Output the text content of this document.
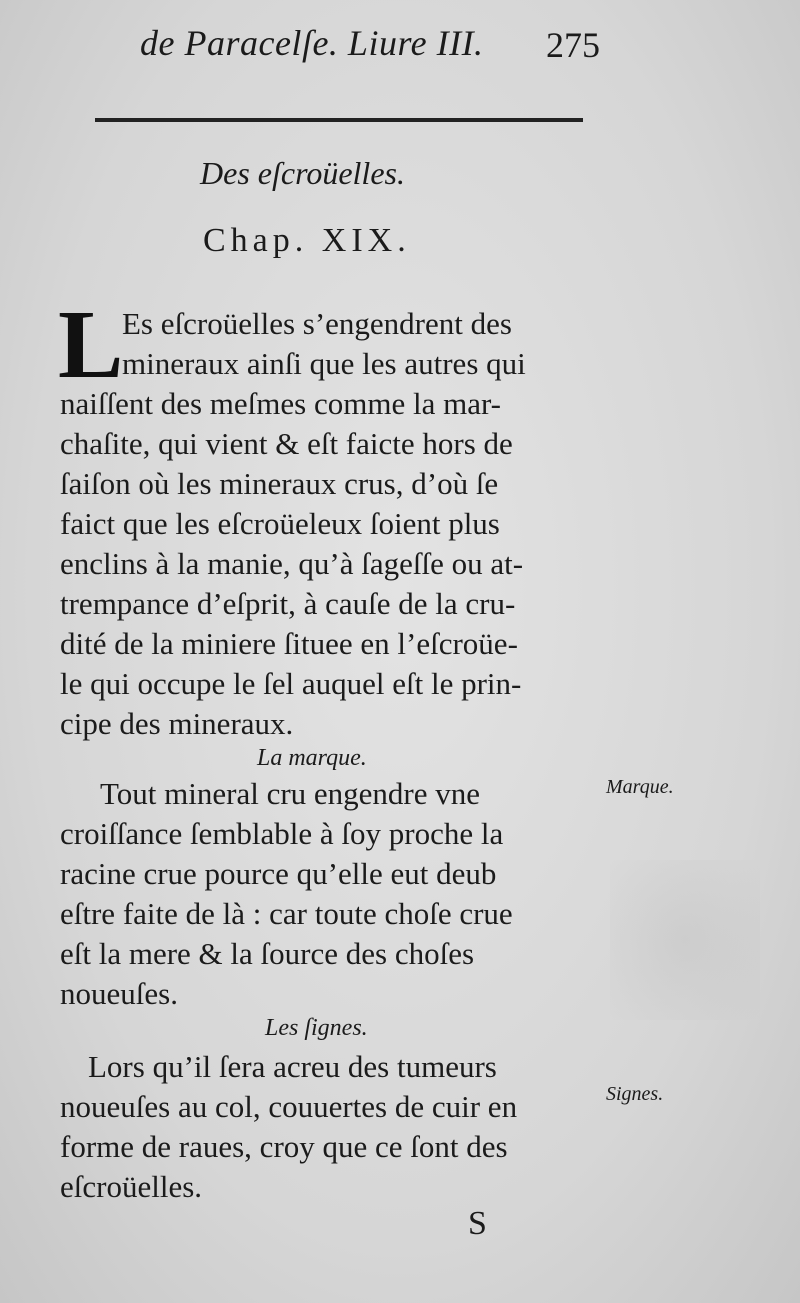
de Paracelſe. Liure III. 275
Des eſcroüelles.
Chap. XIX.
L
Es eſcroüelles s’engendrent des
mineraux ainſi que les autres qui
naiſſent des meſmes comme la mar-
chaſite, qui vient & eſt faicte hors de
ſaiſon où les mineraux crus, d’où ſe
faict que les eſcroüeleux ſoient plus
enclins à la manie, qu’à ſageſſe ou at-
trempance d’eſprit, à cauſe de la cru-
dité de la miniere ſituee en l’eſcroüe-
le qui occupe le ſel auquel eſt le prin-
cipe des mineraux.
La marque.
Tout mineral cru engendre vne
croiſſance ſemblable à ſoy proche la
racine crue pource qu’elle eut deub
eſtre faite de là : car toute choſe crue
eſt la mere & la ſource des choſes
noueuſes.
Les ſignes.
Lors qu’il ſera acreu des tumeurs
noueuſes au col, couuertes de cuir en
forme de raues, croy que ce ſont des
eſcroüelles.
Marque.
Signes.
S
